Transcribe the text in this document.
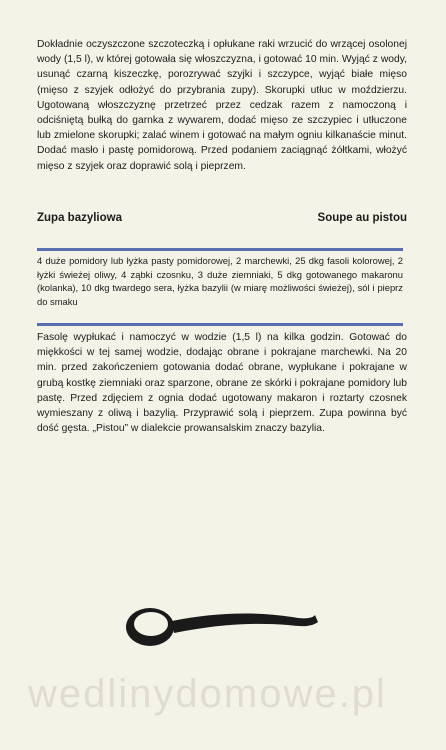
Dokładnie oczyszczone szczoteczką i opłukane raki wrzucić do wrzącej osolonej wody (1,5 l), w której gotowała się włoszczyzna, i gotować 10 min. Wyjąć z wody, usunąć czarną kiszeczkę, porozrywać szyjki i szczypce, wyjąć białe mięso (mięso z szyjek odłożyć do przybrania zupy). Skorupki utłuc w moździerzu. Ugotowaną włoszczyznę przetrzeć przez cedzak razem z namoczoną i odciśniętą bułką do garnka z wywarem, dodać mięso ze szczypiec i utłuczone lub zmielone skorupki; zalać winem i gotować na małym ogniu kilkanaście minut. Dodać masło i pastę pomidorową. Przed podaniem zaciągnąć żółtkami, włożyć mięso z szyjek oraz doprawić solą i pieprzem.

Zupa bazyliowa	Soupe au pistou

4 duże pomidory lub łyżka pasty pomidorowej, 2 marchewki, 25 dkg fasoli kolorowej, 2 łyżki świeżej oliwy, 4 ząbki czosnku, 3 duże ziemniaki, 5 dkg gotowanego makaronu (kolanka), 10 dkg twardego sera, łyżka bazylii (w miarę możliwości świeżej), sól i pieprz do smaku

Fasolę wypłukać i namoczyć w wodzie (1,5 l) na kilka godzin. Gotować do miękkości w tej samej wodzie, dodając obrane i pokrajane marchewki. Na 20 min. przed zakończeniem gotowania dodać obrane, wypłukane i pokrajane w grubą kostkę ziemniaki oraz sparzone, obrane ze skórki i pokrajane pomidory lub pastę. Przed zdjęciem z ognia dodać ugotowany makaron i roztarty czosnek wymieszany z oliwą i bazylią. Przyprawić solą i pieprzem. Zupa powinna być dość gęsta. „Pistou” w dialekcie prowansalskim znaczy bazylia.

wedlinydomowe.pl
